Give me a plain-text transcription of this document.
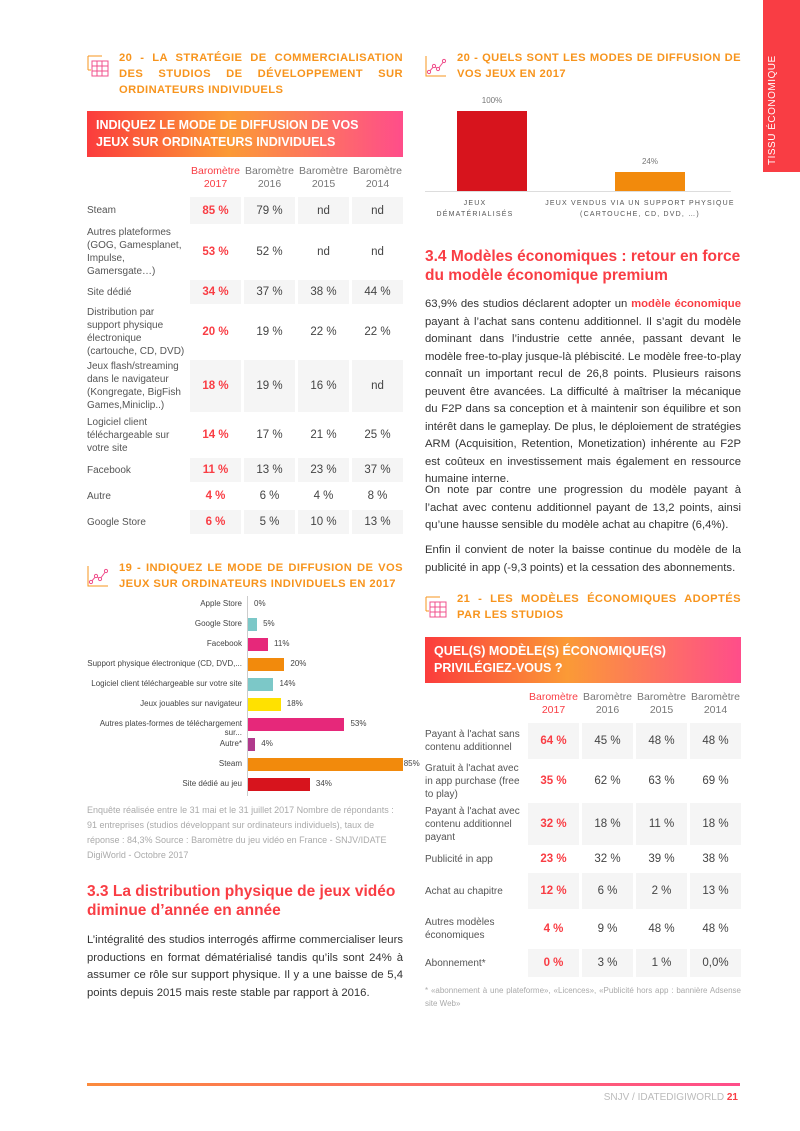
TISSU ÉCONOMIQUE
20 - LA STRATÉGIE DE COMMERCIALISATION DES STUDIOS DE DÉVELOPPEMENT SUR ORDINATEURS INDIVIDUELS
INDIQUEZ LE MODE DE DIFFUSION DE VOS JEUX SUR ORDINATEURS INDIVIDUELS
	Baromètre 2017	Baromètre 2016	Baromètre 2015	Baromètre 2014
Steam	85 %	79 %	nd	nd
Autres plateformes (GOG, Gamesplanet, Impulse, Gamersgate…)	53 %	52 %	nd	nd
Site dédié	34 %	37 %	38 %	44 %
Distribution par support physique électronique (cartouche, CD, DVD)	20 %	19 %	22 %	22 %
Jeux flash/streaming dans le navigateur (Kongregate, BigFish Games,Miniclip..)	18 %	19 %	16 %	nd
Logiciel client téléchargeable sur votre site	14 %	17 %	21 %	25 %
Facebook	11 %	13 %	23 %	37 %
Autre	4 %	6 %	4 %	8 %
Google Store	6 %	5 %	10 %	13 %
19 - INDIQUEZ LE MODE DE DIFFUSION DE VOS JEUX SUR ORDINATEURS INDIVIDUELS EN 2017
Apple Store 0%
Google Store	5%
Facebook	11%
Support physique électronique (CD, DVD,...	20%
Logiciel client téléchargeable sur votre site	14%
Jeux jouables sur navigateur	18%
Autres plates-formes de téléchargement sur...
53%
Autre* 4%
Steam	85%
Site dédié au jeu	34%
Enquête réalisée entre le 31 mai et le 31 juillet 2017 Nombre de répondants : 91 entreprises (studios développant sur ordinateurs individuels), taux de réponse : 84,3% Source : Baromètre du jeu vidéo en France - SNJV/IDATE DigiWorld - Octobre 2017
3.3 La distribution physique de jeux vidéo diminue d’année en année
L’intégralité des studios interrogés affirme commercialiser leurs productions en format dématérialisé tandis qu’ils sont 24% à assumer ce rôle sur support physique. Il y a une baisse de 5,4 points depuis 2015 mais reste stable par rapport à 2016.
20 - QUELS SONT LES MODES DE DIFFUSION DE VOS JEUX EN 2017
100%
JEUX DÉMATÉRIALISÉS
24%
JEUX VENDUS VIA UN SUPPORT PHYSIQUE (CARTOUCHE, CD, DVD, …)
3.4 Modèles économiques : retour en force du modèle économique premium
63,9% des studios déclarent adopter un modèle économique payant à l’achat sans contenu additionnel. Il s’agit du modèle dominant dans l’industrie cette année, passant devant le modèle free-to-play jusque-là plébiscité. Le modèle free-to-play connaît un important recul de 26,8 points. Plusieurs raisons peuvent être avancées. La difficulté à maîtriser la mécanique du F2P dans sa conception et à maintenir son équilibre et son intérêt dans le gameplay. De plus, le déploiement de stratégies ARM (Acquisition, Retention, Monetization) inhérente au F2P est coûteux en investissement mais également en ressource humaine interne.
On note par contre une progression du modèle payant à l’achat avec contenu additionnel payant de 13,2 points, ainsi qu’une hausse sensible du modèle achat au chapitre (6,4%).
Enfin il convient de noter la baisse continue du modèle de la publicité in app (-9,3 points) et la cessation des abonnements.
21 - LES MODÈLES ÉCONOMIQUES ADOPTÉS PAR LES STUDIOS
QUEL(S) MODÈLE(S) ÉCONOMIQUE(S) PRIVILÉGIEZ-VOUS ?
	Baromètre 2017	Baromètre 2016	Baromètre 2015	Baromètre 2014
Payant à l'achat sans contenu additionnel	64 %	45 %	48 %	48 %
Gratuit à l'achat avec in app purchase (free to play)	35 %	62 %	63 %	69 %
Payant à l'achat avec contenu additionnel payant	32 %	18 %	11 %	18 %
Publicité in app	23 %	32 %	39 %	38 %
Achat au chapitre	12 %	6 %	2 %	13 %
Autres modèles économiques	4 %	9 %	48 %	48 %
Abonnement*	0 %	3 %	1 %	0,0%
* «abonnement à une plateforme», «Licences», «Publicité hors app : bannière Adsense site Web»
SNJV / IDATEDIGIWORLD 21
